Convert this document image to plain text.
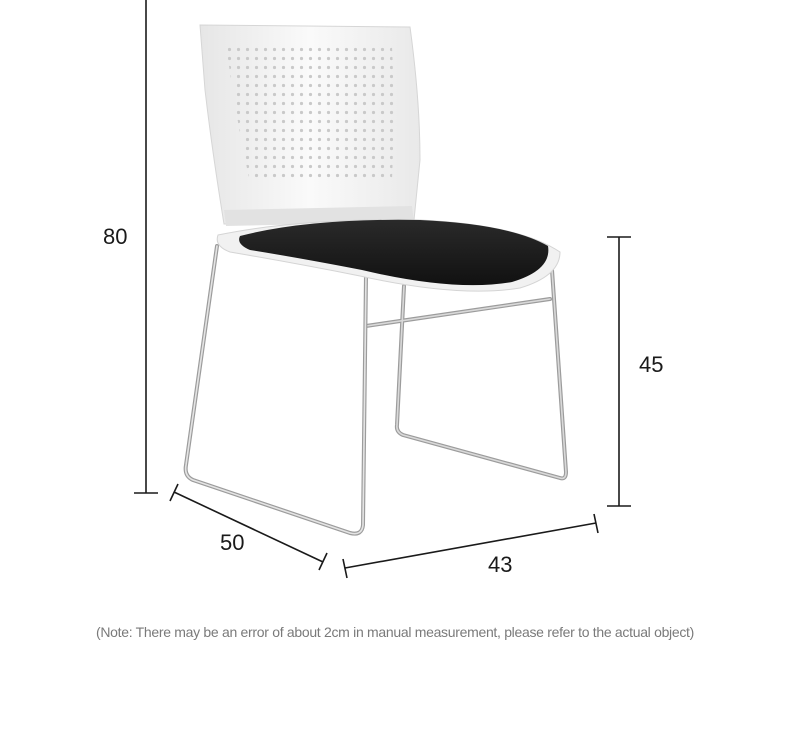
80
45
50
43
(Note: There may be an error of about 2cm in manual measurement, please refer to the actual object)
